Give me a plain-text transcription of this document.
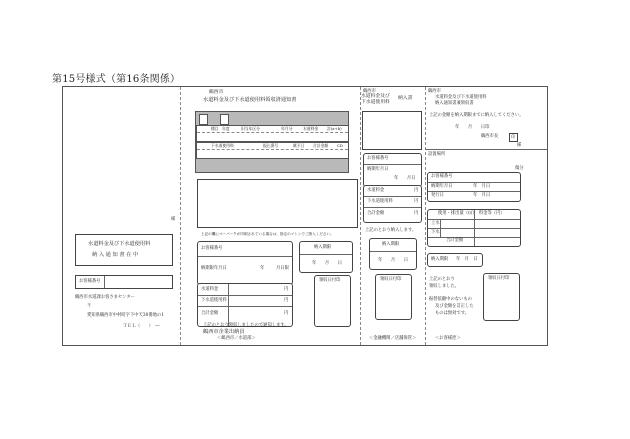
第15号様式（第16条関係）
様
水道料金及び下水道使用料
納 入 通 知 書 在 中
お客様番号
鶴西市水道課お客さまセンター
〒
愛知県鶴西市中村町字下中天30番地の1
ＴＥＬ（　　）　―
鶴西市
水道料金及び下水道使用料領収済通知書
種目 年度	旧当年区分	年月分	水道料金 計(a+b)
下水道使用料	振込番号	賦予日 合計金額 CD
上記の欄にペーパークが印刷されている場合は、指定のマシンでご納入ください。
お客様番号
納期限年月日	年	月日限
水道料金	円
下水道使用料	円
合計金額	円
納入期限
年　　月　　日
領収日付印
上記のとおり領収しましたので通知します。
鶴西市企業出納員
＜鶴西市／水道部＞
鶴西市
水道料金及び
下水道使用料
納入書
お客様番号
納期年月日
年　　月日
水道料金	円
下水道使用料	円
合計金額	円
上記のとおり納入します。
納入期限
年　　月　　日
領収日付印
＜金融機関／店舗保管＞
鶴西市
水道料金及び下水道使用料
納入通知書兼領収書
上記の金額を納入期限までに納入してください。
年　　月　　日印
鶴西市長	印
様
設置場所
傷分
お客様番号
納期年月日	年　月日
発行日	年　月日
使用・排出量（㎥）　料金等（円）
上水
下水
合計金額
納入期限 年　月　日
領収日付印
上記のとおり
領収しました。
振替依頼中のないもの
及び金額を訂正した
ものは無効です。
＜お客様控＞
